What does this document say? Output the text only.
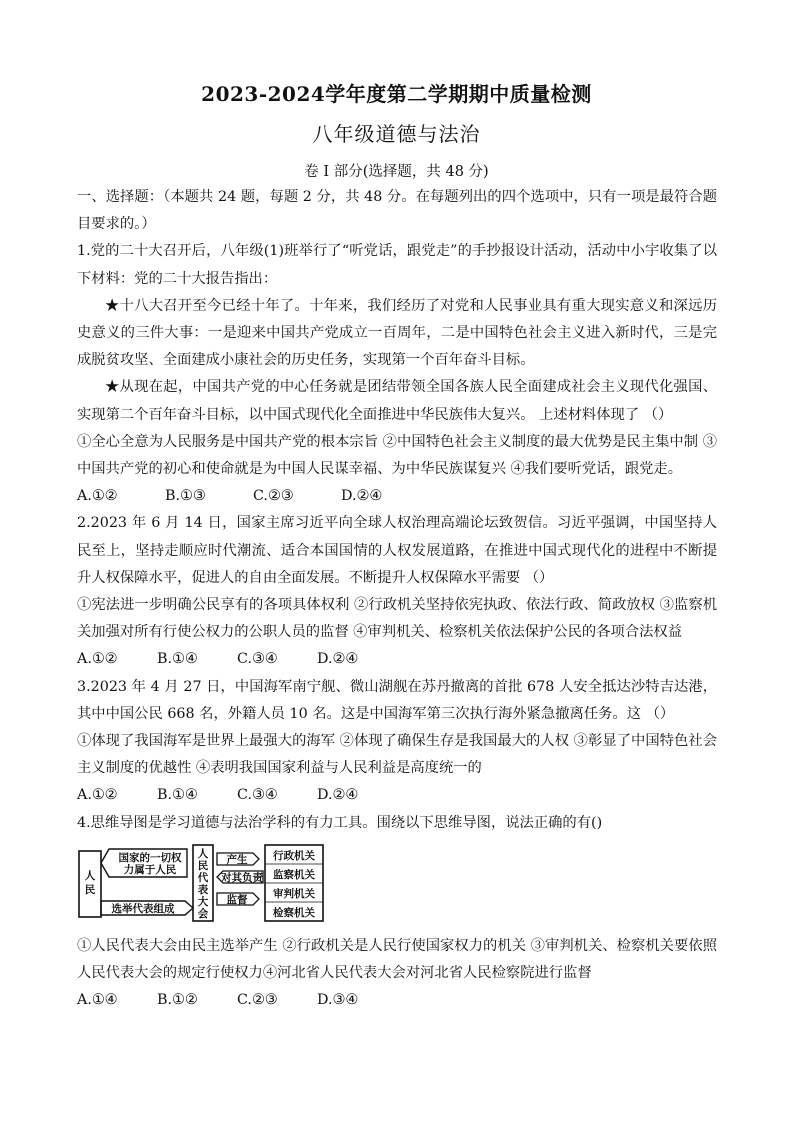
2023-2024学年度第二学期期中质量检测
八年级道德与法治
卷 I 部分(选择题，共 48 分)

一、选择题：（本题共 24 题，每题 2 分，共 48 分。在每题列出的四个选项中，只有一项是最符合题目要求的。）

1.党的二十大召开后，八年级(1)班举行了“听党话，跟党走”的手抄报设计活动，活动中小宇收集了以下材料：党的二十大报告指出：

★十八大召开至今已经十年了。十年来，我们经历了对党和人民事业具有重大现实意义和深远历史意义的三件大事：一是迎来中国共产党成立一百周年，二是中国特色社会主义进入新时代，三是完成脱贫攻坚、全面建成小康社会的历史任务，实现第一个百年奋斗目标。

★从现在起，中国共产党的中心任务就是团结带领全国各族人民全面建成社会主义现代化强国、实现第二个百年奋斗目标，以中国式现代化全面推进中华民族伟大复兴。 上述材料体现了 （）

①全心全意为人民服务是中国共产党的根本宗旨 ②中国特色社会主义制度的最大优势是民主集中制 ③中国共产党的初心和使命就是为中国人民谋幸福、为中华民族谋复兴 ④我们要听党话，跟党走。

A.①②	B.①③	C.②③	D.②④

2.2023 年 6 月 14 日，国家主席习近平向全球人权治理高端论坛致贺信。习近平强调，中国坚持人民至上，坚持走顺应时代潮流、适合本国国情的人权发展道路，在推进中国式现代化的进程中不断提升人权保障水平，促进人的自由全面发展。不断提升人权保障水平需要 （）

①宪法进一步明确公民享有的各项具体权利 ②行政机关坚持依宪执政、依法行政、简政放权 ③监察机关加强对所有行使公权力的公职人员的监督 ④审判机关、检察机关依法保护公民的各项合法权益

A.①②	B.①④	C.③④	D.②④

3.2023 年 4 月 27 日，中国海军南宁舰、微山湖舰在苏丹撤离的首批 678 人安全抵达沙特吉达港，其中中国公民 668 名，外籍人员 10 名。这是中国海军第三次执行海外紧急撤离任务。这 （）

①体现了我国海军是世界上最强大的海军 ②体现了确保生存是我国最大的人权 ③彰显了中国特色社会主义制度的优越性 ④表明我国国家利益与人民利益是高度统一的

A.①②	B.①④	C.③④	D.②④

4.思维导图是学习道德与法治学科的有力工具。围绕以下思维导图，说法正确的有()

人
民
国家的一切权
力属于人民
选举代表组成
人
民
代
表
大
会
产生
对其负责
监督
行政机关
监察机关
审判机关
检察机关

①人民代表大会由民主选举产生 ②行政机关是人民行使国家权力的机关 ③审判机关、检察机关要依照人民代表大会的规定行使权力④河北省人民代表大会对河北省人民检察院进行监督

A.①④	B.①②	C.②③	D.③④
